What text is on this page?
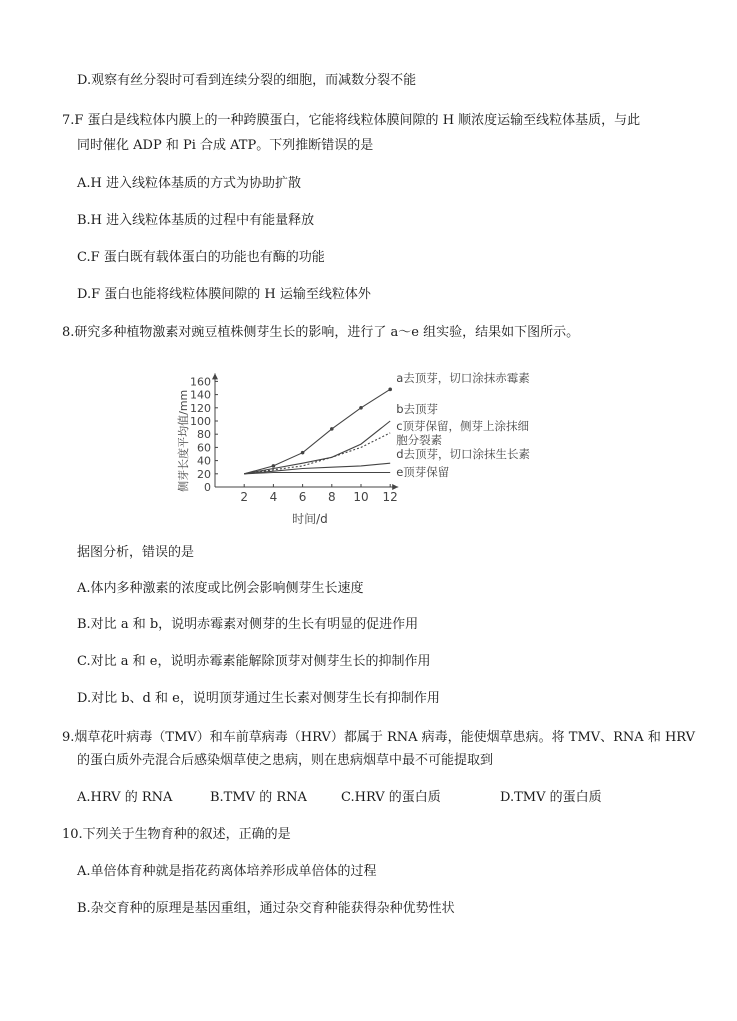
D.观察有丝分裂时可看到连续分裂的细胞，而减数分裂不能
7.F 蛋白是线粒体内膜上的一种跨膜蛋白，它能将线粒体膜间隙的 H 顺浓度运输至线粒体基质，与此
同时催化 ADP 和 Pi 合成 ATP。下列推断错误的是
A.H 进入线粒体基质的方式为协助扩散
B.H 进入线粒体基质的过程中有能量释放
C.F 蛋白既有载体蛋白的功能也有酶的功能
D.F 蛋白也能将线粒体膜间隙的 H 运输至线粒体外
8.研究多种植物激素对豌豆植株侧芽生长的影响，进行了 a～e 组实验，结果如下图所示。
2 4 6 8 10 12
0
20
40
60
80
100
120
140
160
时间/d
侧芽长度平均值/mm
a去顶芽，切口涂抹赤霉素
b去顶芽
c顶芽保留，侧芽上涂抹细胞分裂素
d去顶芽，切口涂抹生长素
e顶芽保留
据图分析，错误的是
A.体内多种激素的浓度或比例会影响侧芽生长速度
B.对比 a 和 b，说明赤霉素对侧芽的生长有明显的促进作用
C.对比 a 和 e，说明赤霉素能解除顶芽对侧芽生长的抑制作用
D.对比 b、d 和 e，说明顶芽通过生长素对侧芽生长有抑制作用
9.烟草花叶病毒（TMV）和车前草病毒（HRV）都属于 RNA 病毒，能使烟草患病。将 TMV、RNA 和 HRV
的蛋白质外壳混合后感染烟草使之患病，则在患病烟草中最不可能提取到
A.HRV 的 RNA	B.TMV 的 RNA	C.HRV 的蛋白质	D.TMV 的蛋白质
10.下列关于生物育种的叙述，正确的是
A.单倍体育种就是指花药离体培养形成单倍体的过程
B.杂交育种的原理是基因重组，通过杂交育种能获得杂种优势性状
